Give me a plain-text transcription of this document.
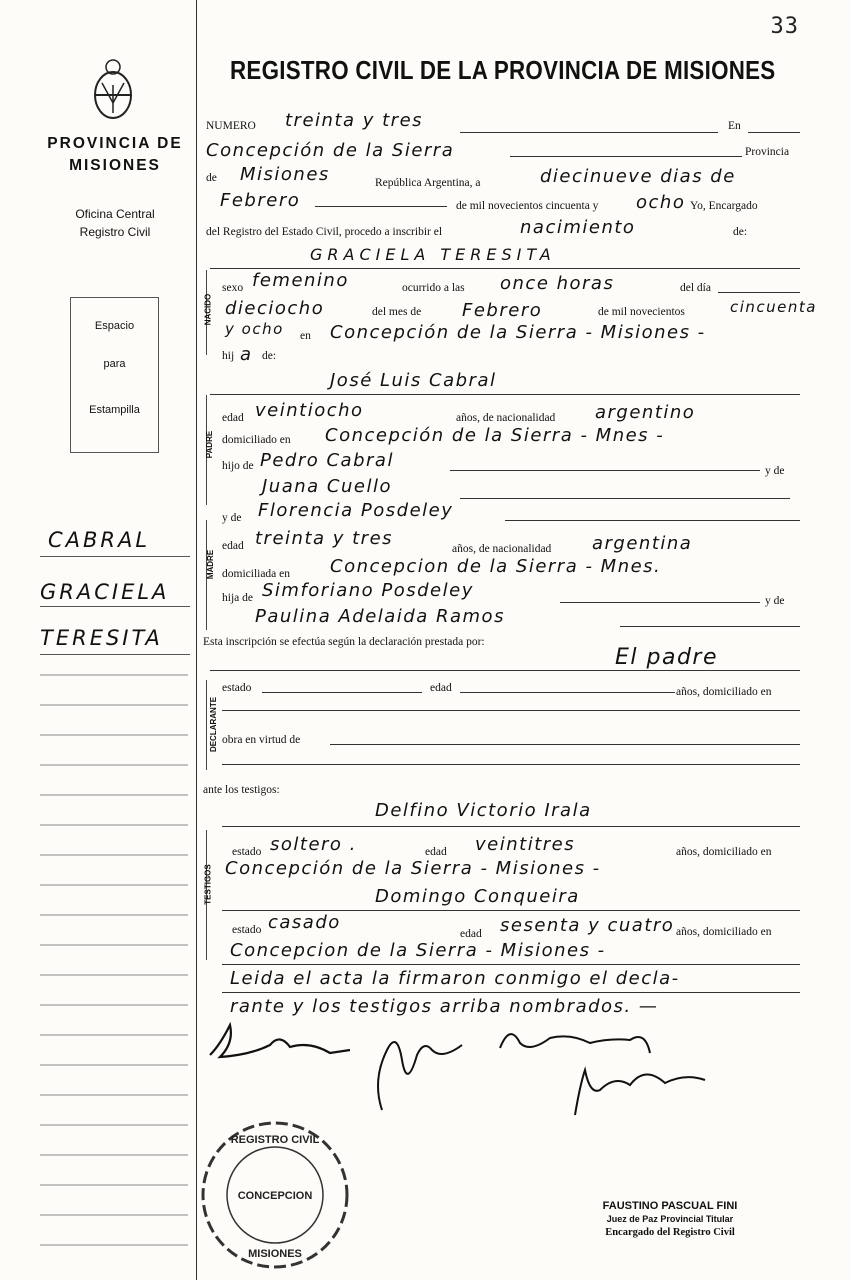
33
PROVINCIA DE MISIONES
Oficina Central
Registro Civil
Espacio
para
Estampilla
CABRAL
GRACIELA
TERESITA
REGISTRO CIVIL DE LA PROVINCIA DE MISIONES
NUMERO treinta y tres	En
Concepción de la Sierra	Provincia
de Misiones	República Argentina, a	diecinueve dias de
Febrero	de mil novecientos cincuenta y ocho Yo, Encargado
del Registro del Estado Civil, procedo a inscribir el	nacimiento	de:
NACIDO
GRACIELA TERESITA
sexo femenino	ocurrido a las once horas	del día
dieciocho	del mes de Febrero	de mil novecientos	cincuenta
y ocho en Concepción de la Sierra - Misiones -
hij a de:
PADRE
José Luis Cabral
edad veintiocho	años, de nacionalidad argentino
domiciliado en Concepción de la Sierra - Mnes -
hijo de Pedro Cabral	y de
Juana Cuello
MADRE
y de Florencia Posdeley
edad treinta y tres	años, de nacionalidad argentina
domiciliada en Concepcion de la Sierra - Mnes.
hija de Simforiano Posdeley	y de
Paulina Adelaida Ramos
Esta inscripción se efectúa según la declaración prestada por:
El padre
DECLARANTE
estado	edad	años, domiciliado en
obra en virtud de
ante los testigos:
TESTIGOS
Delfino Victorio Irala
estado soltero .	edad veintitres	años, domiciliado en
Concepción de la Sierra - Misiones -
Domingo Conqueira
estado casado
edad sesenta y cuatro años, domiciliado en
Concepcion de la Sierra - Misiones -
Leida el acta la firmaron conmigo el decla-
rante y los testigos arriba nombrados. —
CONCEPCION
REGISTRO CIVIL
MISIONES
FAUSTINO PASCUAL FINI
Juez de Paz Provincial Titular
Encargado del Registro Civil
